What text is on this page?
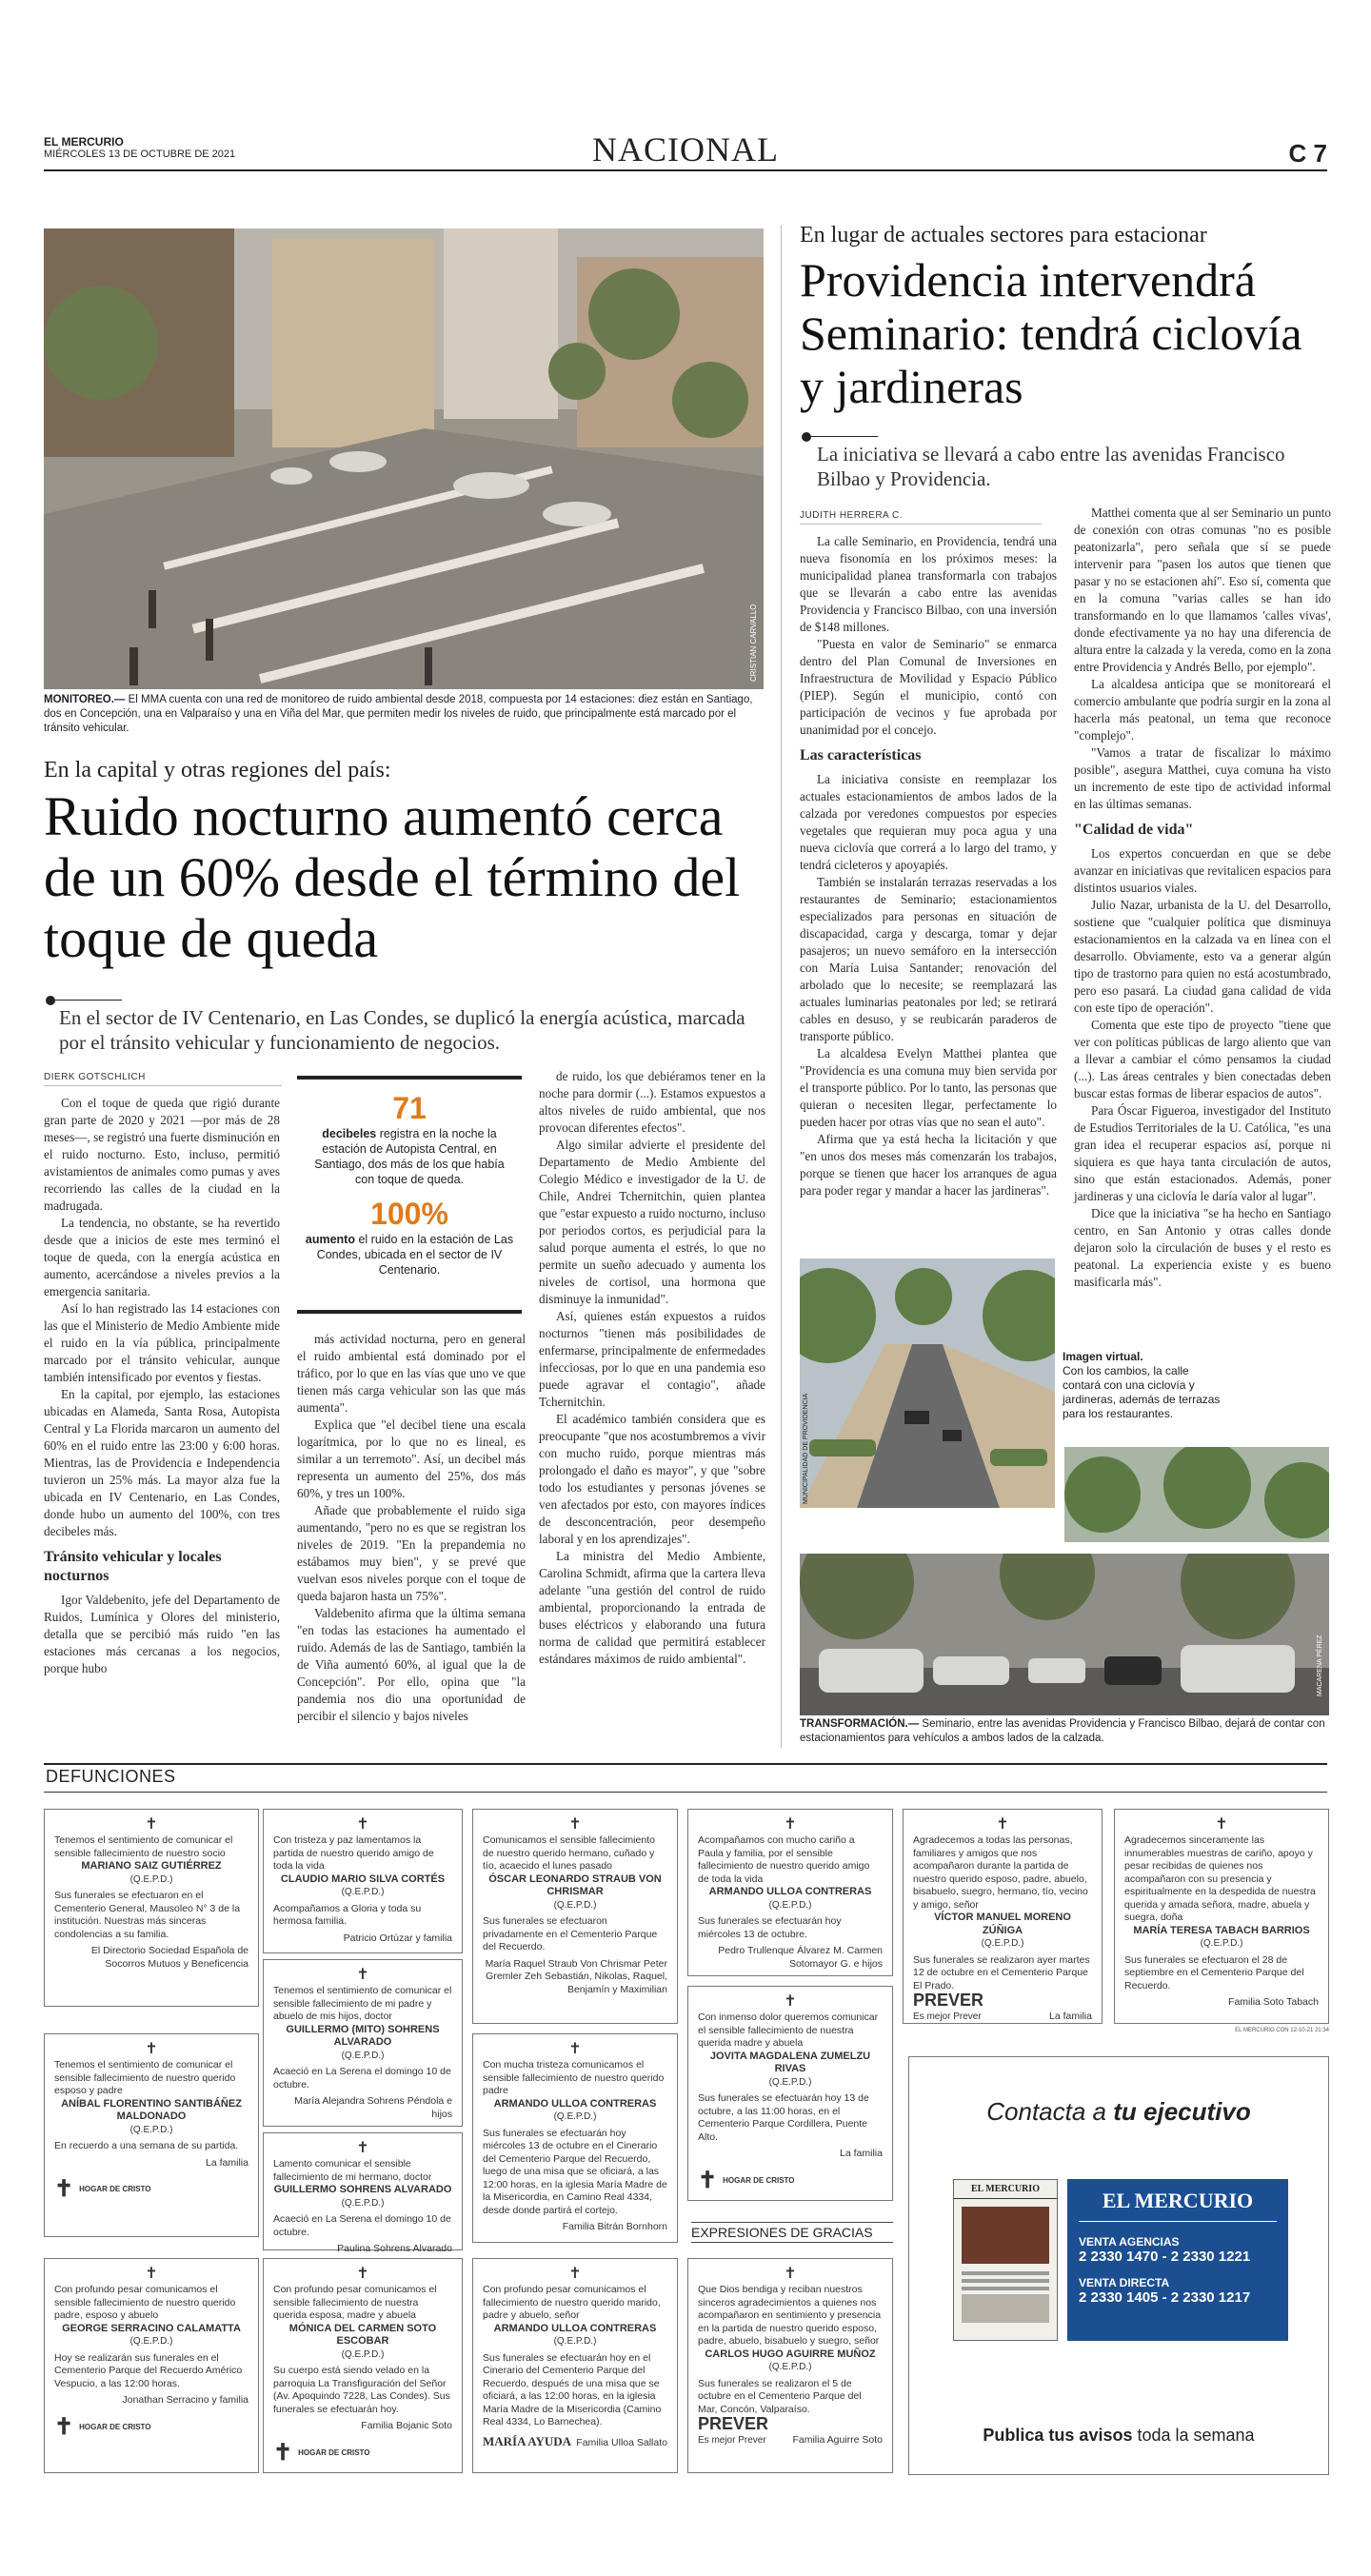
EL MERCURIO
MIÉRCOLES 13 DE OCTUBRE DE 2021	NACIONAL	C 7
CRISTIAN CARVALLO
MONITOREO.— El MMA cuenta con una red de monitoreo de ruido ambiental desde 2018, compuesta por 14 estaciones: diez están en Santiago, dos en Concepción, una en Valparaíso y una en Viña del Mar, que permiten medir los niveles de ruido, que principalmente está marcado por el tránsito vehicular.
En la capital y otras regiones del país:
Ruido nocturno aumentó cerca de un 60% desde el término del toque de queda
En el sector de IV Centenario, en Las Condes, se duplicó la energía acústica, marcada por el tránsito vehicular y funcionamiento de negocios.
DIERK GOTSCHLICH

Con el toque de queda que rigió durante gran parte de 2020 y 2021 —por más de 28 meses—, se registró una fuerte disminución en el ruido nocturno. Esto, incluso, permitió avistamientos de animales como pumas y aves recorriendo las calles de la ciudad en la madrugada.

La tendencia, no obstante, se ha revertido desde que a inicios de este mes terminó el toque de queda, con la energía acústica en aumento, acercándose a niveles previos a la emergencia sanitaria.

Así lo han registrado las 14 estaciones con las que el Ministerio de Medio Ambiente mide el ruido en la vía pública, principalmente marcado por el tránsito vehicular, aunque también intensificado por eventos y fiestas.

En la capital, por ejemplo, las estaciones ubicadas en Alameda, Santa Rosa, Autopista Central y La Florida marcaron un aumento del 60% en el ruido entre las 23:00 y 6:00 horas. Mientras, las de Providencia e Independencia tuvieron un 25% más. La mayor alza fue la ubicada en IV Centenario, en Las Condes, donde hubo un aumento del 100%, con tres decibeles más.

Tránsito vehicular y locales nocturnos

Igor Valdebenito, jefe del Departamento de Ruidos, Lumínica y Olores del ministerio, detalla que se percibió más ruido "en las estaciones más cercanas a los negocios, porque hubo

71
decibeles registra en la noche la estación de Autopista Central, en Santiago, dos más de los que había con toque de queda.
100%
aumento el ruido en la estación de Las Condes, ubicada en el sector de IV Centenario.

más actividad nocturna, pero en general el ruido ambiental está dominado por el tráfico, por lo que en las vías que uno ve que tienen más carga vehicular son las que más aumenta".

Explica que "el decibel tiene una escala logarítmica, por lo que no es lineal, es similar a un terremoto". Así, un decibel más representa un aumento del 25%, dos más 60%, y tres un 100%.

Añade que probablemente el ruido siga aumentando, "pero no es que se registran los niveles de 2019. "En la prepandemia no estábamos muy bien", y se prevé que vuelvan esos niveles porque con el toque de queda bajaron hasta un 75%".

Valdebenito afirma que la última semana "en todas las estaciones ha aumentado el ruido. Además de las de Santiago, también la de Viña aumentó 60%, al igual que la de Concepción". Por ello, opina que "la pandemia nos dio una oportunidad de percibir el silencio y bajos niveles

de ruido, los que debiéramos tener en la noche para dormir (...). Estamos expuestos a altos niveles de ruido ambiental, que nos provocan diferentes efectos".

Algo similar advierte el presidente del Departamento de Medio Ambiente del Colegio Médico e investigador de la U. de Chile, Andrei Tchernitchin, quien plantea que "estar expuesto a ruido nocturno, incluso por periodos cortos, es perjudicial para la salud porque aumenta el estrés, lo que no permite un sueño adecuado y aumenta los niveles de cortisol, una hormona que disminuye la inmunidad".

Así, quienes están expuestos a ruidos nocturnos "tienen más posibilidades de enfermarse, principalmente de enfermedades infecciosas, por lo que en una pandemia eso puede agravar el contagio", añade Tchernitchin.

El académico también considera que es preocupante "que nos acostumbremos a vivir con mucho ruido, porque mientras más prolongado el daño es mayor", y que "sobre todo los estudiantes y personas jóvenes se ven afectados por esto, con mayores índices de desconcentración, peor desempeño laboral y en los aprendizajes".

La ministra del Medio Ambiente, Carolina Schmidt, afirma que la cartera lleva adelante "una gestión del control de ruido ambiental, proporcionando la entrada de buses eléctricos y elaborando una futura norma de calidad que permitirá establecer estándares máximos de ruido ambiental".

En lugar de actuales sectores para estacionar
Providencia intervendrá Seminario: tendrá ciclovía y jardineras
La iniciativa se llevará a cabo entre las avenidas Francisco Bilbao y Providencia.
JUDITH HERRERA C.

La calle Seminario, en Providencia, tendrá una nueva fisonomía en los próximos meses: la municipalidad planea transformarla con trabajos que se llevarán a cabo entre las avenidas Providencia y Francisco Bilbao, con una inversión de $148 millones.

"Puesta en valor de Seminario" se enmarca dentro del Plan Comunal de Inversiones en Infraestructura de Movilidad y Espacio Público (PIEP). Según el municipio, contó con participación de vecinos y fue aprobada por unanimidad por el concejo.

Las características

La iniciativa consiste en reemplazar los actuales estacionamientos de ambos lados de la calzada por veredones compuestos por especies vegetales que requieran muy poca agua y una nueva ciclovía que correrá a lo largo del tramo, y tendrá cicleteros y apoyapiés.

También se instalarán terrazas reservadas a los restaurantes de Seminario; estacionamientos especializados para personas en situación de discapacidad, carga y descarga, tomar y dejar pasajeros; un nuevo semáforo en la intersección con María Luisa Santander; renovación del arbolado que lo necesite; se reemplazará las actuales luminarias peatonales por led; se retirará cables en desuso, y se reubicarán paraderos de transporte público.

La alcaldesa Evelyn Matthei plantea que "Providencia es una comuna muy bien servida por el transporte público. Por lo tanto, las personas que quieran o necesiten llegar, perfectamente lo pueden hacer por otras vías que no sean el auto".

Afirma que ya está hecha la licitación y que "en unos dos meses más comenzarán los trabajos, porque se tienen que hacer los arranques de agua para poder regar y mandar a hacer las jardineras".

Matthei comenta que al ser Seminario un punto de conexión con otras comunas "no es posible peatonizarla", pero señala que sí se puede intervenir para "pasen los autos que tienen que pasar y no se estacionen ahí". Eso sí, comenta que en la comuna "varias calles se han ido transformando en lo que llamamos 'calles vivas', donde efectivamente ya no hay una diferencia de altura entre la calzada y la vereda, como en la zona entre Providencia y Andrés Bello, por ejemplo".

La alcaldesa anticipa que se monitoreará el comercio ambulante que podría surgir en la zona al hacerla más peatonal, un tema que reconoce "complejo".

"Vamos a tratar de fiscalizar lo máximo posible", asegura Matthei, cuya comuna ha visto un incremento de este tipo de actividad informal en las últimas semanas.

"Calidad de vida"

Los expertos concuerdan en que se debe avanzar en iniciativas que revitalicen espacios para distintos usuarios viales.

Julio Nazar, urbanista de la U. del Desarrollo, sostiene que "cualquier política que disminuya estacionamientos en la calzada va en línea con el desarrollo. Obviamente, esto va a generar algún tipo de trastorno para quien no está acostumbrado, pero eso pasará. La ciudad gana calidad de vida con este tipo de operación".

Comenta que este tipo de proyecto "tiene que ver con políticas públicas de largo aliento que van a llevar a cambiar el cómo pensamos la ciudad (...). Las áreas centrales y bien conectadas deben buscar estas formas de liberar espacios de autos".

Para Óscar Figueroa, investigador del Instituto de Estudios Territoriales de la U. Católica, "es una gran idea el recuperar espacios así, porque ni siquiera es que haya tanta circulación de autos, sino que están estacionados. Además, poner jardineras y una ciclovía le daría valor al lugar".

Dice que la iniciativa "se ha hecho en Santiago centro, en San Antonio y otras calles donde dejaron solo la circulación de buses y el resto es peatonal. La experiencia existe y es bueno masificarla más".

MUNICIPALIDAD DE PROVIDENCIA
Imagen virtual.
Con los cambios, la calle contará con una ciclovía y jardineras, además de terrazas para los restaurantes.
MACARENA PÉREZ
TRANSFORMACIÓN.— Seminario, entre las avenidas Providencia y Francisco Bilbao, dejará de contar con estacionamientos para vehículos a ambos lados de la calzada.
DEFUNCIONES
✝
Tenemos el sentimiento de comunicar el sensible fallecimiento de nuestro socio
MARIANO SAIZ GUTIÉRREZ
(Q.E.P.D.)
Sus funerales se efectuaron en el Cementerio General, Mausoleo N° 3 de la institución. Nuestras más sinceras condolencias a su familia.
El Directorio Sociedad Española de Socorros Mutuos y Beneficencia
✝
Tenemos el sentimiento de comunicar el sensible fallecimiento de nuestro querido esposo y padre
ANÍBAL FLORENTINO SANTIBÁÑEZ MALDONADO
(Q.E.P.D.)
En recuerdo a una semana de su partida.
La familia
✝ HOGAR DE CRISTO
✝
Con profundo pesar comunicamos el sensible fallecimiento de nuestro querido padre, esposo y abuelo
GEORGE SERRACINO CALAMATTA
(Q.E.P.D.)
Hoy se realizarán sus funerales en el Cementerio Parque del Recuerdo Américo Vespucio, a las 12:00 horas.
Jonathan Serracino y familia
✝ HOGAR DE CRISTO
✝
Con tristeza y paz lamentamos la partida de nuestro querido amigo de toda la vida
CLAUDIO MARIO SILVA CORTÉS
(Q.E.P.D.)
Acompañamos a Gloria y toda su hermosa familia.
Patricio Ortúzar y familia
✝
Tenemos el sentimiento de comunicar el sensible fallecimiento de mi padre y abuelo de mis hijos, doctor
GUILLERMO (MITO) SOHRENS ALVARADO
(Q.E.P.D.)
Acaeció en La Serena el domingo 10 de octubre.
María Alejandra Sohrens Péndola e hijos
✝
Lamento comunicar el sensible fallecimiento de mi hermano, doctor
GUILLERMO SOHRENS ALVARADO
(Q.E.P.D.)
Acaeció en La Serena el domingo 10 de octubre.
Paulina Sohrens Alvarado
✝
Con profundo pesar comunicamos el sensible fallecimiento de nuestra querida esposa, madre y abuela
MÓNICA DEL CARMEN SOTO ESCOBAR
(Q.E.P.D.)
Su cuerpo está siendo velado en la parroquia La Transfiguración del Señor (Av. Apoquindo 7228, Las Condes). Sus funerales se efectuarán hoy.
Familia Bojanic Soto
✝ HOGAR DE CRISTO
✝
Comunicamos el sensible fallecimiento de nuestro querido hermano, cuñado y tío, acaecido el lunes pasado
ÓSCAR LEONARDO STRAUB VON CHRISMAR
(Q.E.P.D.)
Sus funerales se efectuaron privadamente en el Cementerio Parque del Recuerdo.
María Raquel Straub Von Chrismar Peter Gremler Zeh Sebastián, Nikolas, Raquel, Benjamín y Maximilian
✝
Con mucha tristeza comunicamos el sensible fallecimiento de nuestro querido padre
ARMANDO ULLOA CONTRERAS
(Q.E.P.D.)
Sus funerales se efectuarán hoy miércoles 13 de octubre en el Cinerario del Cementerio Parque del Recuerdo, luego de una misa que se oficiará, a las 12:00 horas, en la iglesia María Madre de la Misericordia, en Camino Real 4334, desde donde partirá el cortejo.
Familia Bitrán Bornhorn
✝
Con profundo pesar comunicamos el fallecimiento de nuestro querido marido, padre y abuelo, señor
ARMANDO ULLOA CONTRERAS
(Q.E.P.D.)
Sus funerales se efectuarán hoy en el Cinerario del Cementerio Parque del Recuerdo, después de una misa que se oficiará, a las 12:00 horas, en la iglesia María Madre de la Misericordia (Camino Real 4334, Lo Barnechea).
MARÍA AYUDA Familia Ulloa Sallato
✝
Acompañamos con mucho cariño a Paula y familia, por el sensible fallecimiento de nuestro querido amigo de toda la vida
ARMANDO ULLOA CONTRERAS
(Q.E.P.D.)
Sus funerales se efectuarán hoy miércoles 13 de octubre.
Pedro Trullenque Álvarez M. Carmen Sotomayor G. e hijos
✝
Con inmenso dolor queremos comunicar el sensible fallecimiento de nuestra querida madre y abuela
JOVITA MAGDALENA ZUMELZU RIVAS
(Q.E.P.D.)
Sus funerales se efectuarán hoy 13 de octubre, a las 11:00 horas, en el Cementerio Parque Cordillera, Puente Alto.
La familia
✝ HOGAR DE CRISTO
EXPRESIONES DE GRACIAS
✝
Que Dios bendiga y reciban nuestros sinceros agradecimientos a quienes nos acompañaron en sentimiento y presencia en la partida de nuestro querido esposo, padre, abuelo, bisabuelo y suegro, señor
CARLOS HUGO AGUIRRE MUÑOZ
(Q.E.P.D.)
Sus funerales se realizaron el 5 de octubre en el Cementerio Parque del Mar, Concón, Valparaíso.
PREVER
Es mejor Prever	Familia Aguirre Soto
✝
Agradecemos a todas las personas, familiares y amigos que nos acompañaron durante la partida de nuestro querido esposo, padre, abuelo, bisabuelo, suegro, hermano, tío, vecino y amigo, señor
VÍCTOR MANUEL MORENO ZÚÑIGA
(Q.E.P.D.)
Sus funerales se realizaron ayer martes 12 de octubre en el Cementerio Parque El Prado.
PREVER
Es mejor Prever	La familia
✝
Agradecemos sinceramente las innumerables muestras de cariño, apoyo y pesar recibidas de quienes nos acompañaron con su presencia y espiritualmente en la despedida de nuestra querida y amada señora, madre, abuela y suegra, doña
MARÍA TERESA TABACH BARRIOS
(Q.E.P.D.)
Sus funerales se efectuaron el 28 de septiembre en el Cementerio Parque del Recuerdo.
Familia Soto Tabach
EL MERCURIO CON 12-10-21 21:34
Contacta a tu ejecutivo
EL MERCURIO	EL MERCURIO
VENTA AGENCIAS
2 2330 1470 - 2 2330 1221
VENTA DIRECTA
2 2330 1405 - 2 2330 1217
Publica tus avisos toda la semana
